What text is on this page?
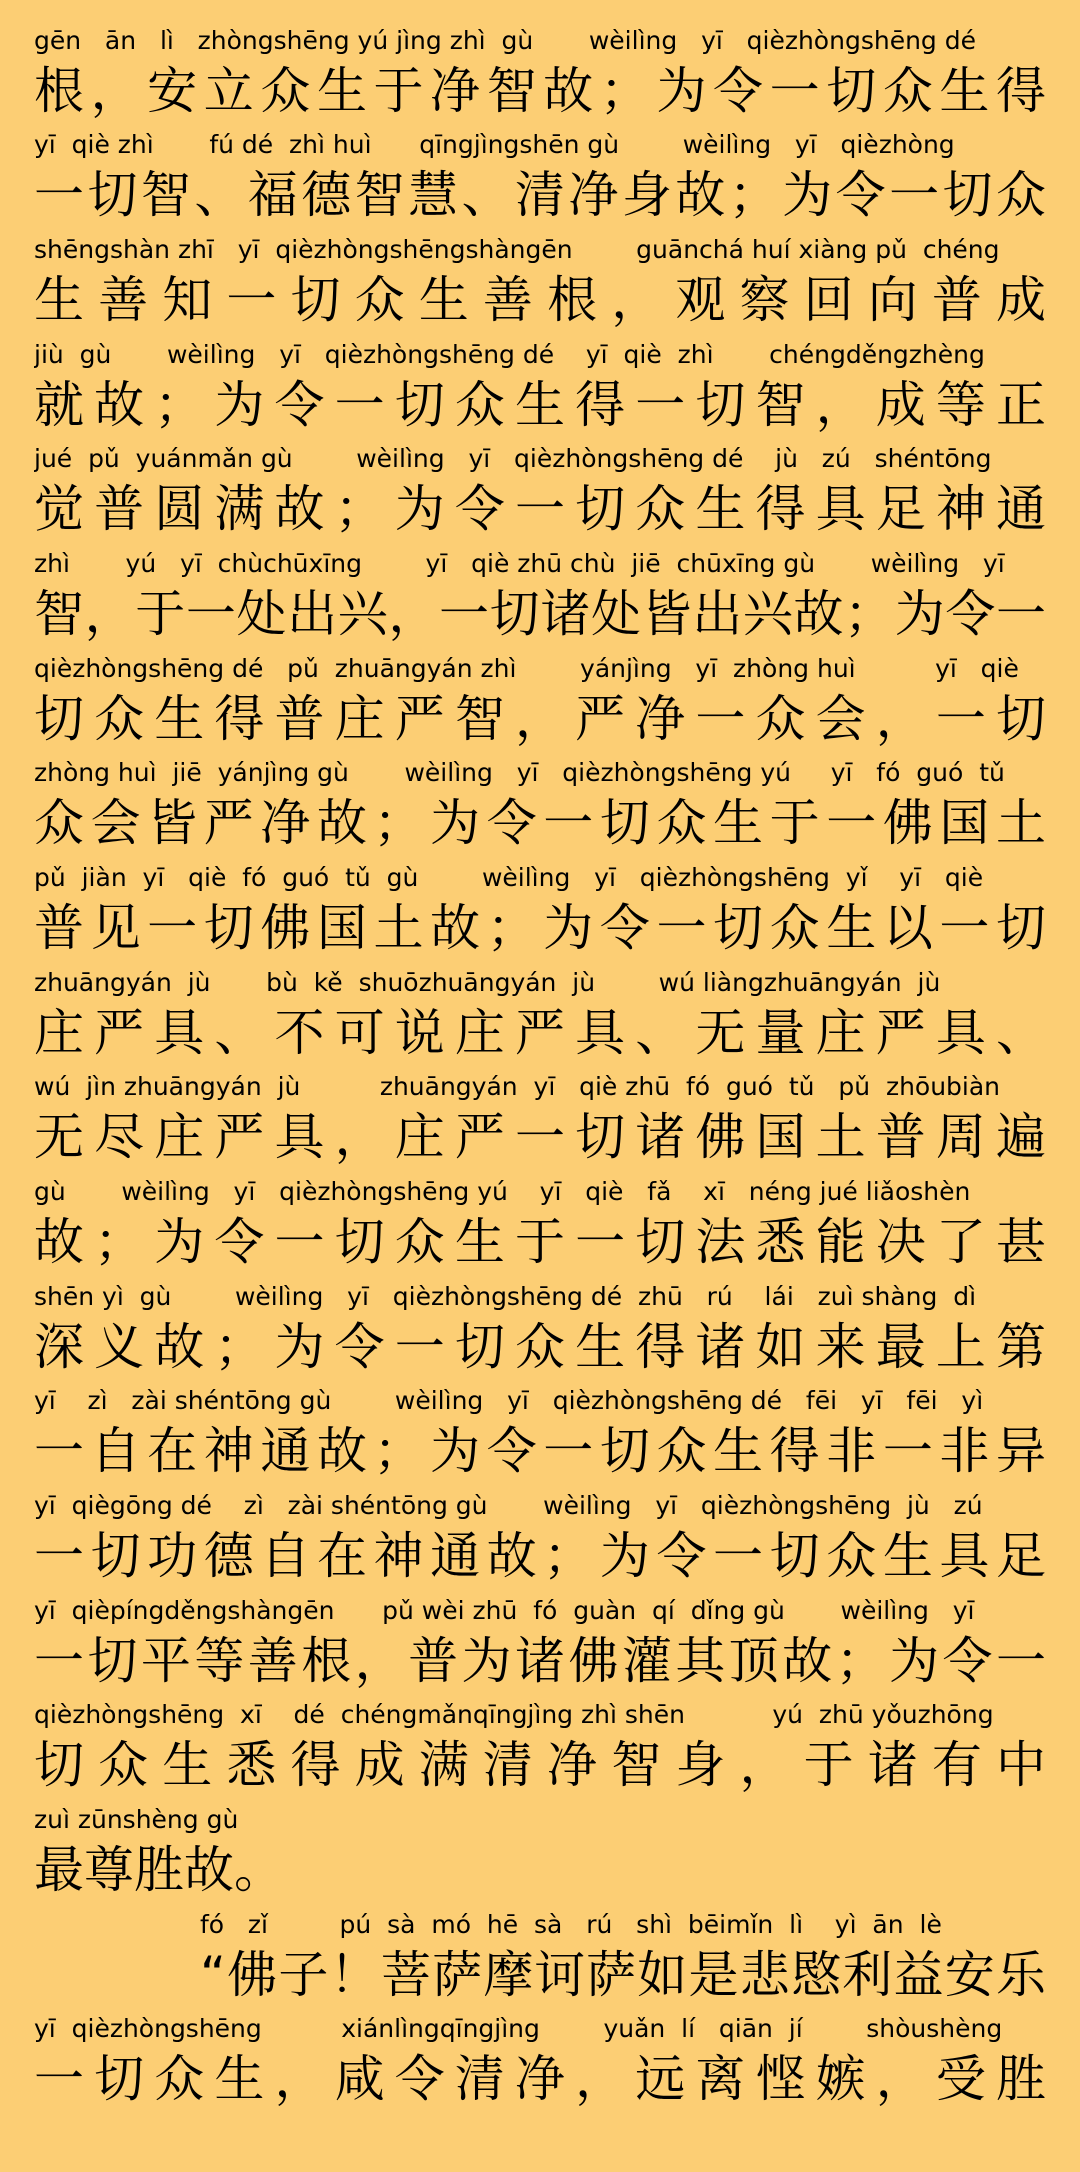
gēn   ān   lì   zhòngshēng yú jìng zhì  gù       wèilìng   yī   qièzhòngshēng dé
根，安立众生于净智故；为令一切众生得
yī  qiè zhì       fú dé  zhì huì      qīngjìngshēn gù        wèilìng   yī   qièzhòng
一切智、福德智慧、清净身故；为令一切众
shēngshàn zhī   yī  qièzhòngshēngshàngēn        guānchá huí xiàng pǔ  chéng
生善知一切众生善根，观察回向普成
jiù  gù       wèilìng   yī   qièzhòngshēng dé    yī  qiè  zhì       chéngděngzhèng
就故；为令一切众生得一切智，成等正
jué  pǔ  yuánmǎn gù        wèilìng   yī   qièzhòngshēng dé    jù   zú   shéntōng
觉普圆满故；为令一切众生得具足神通
zhì       yú   yī  chùchūxīng        yī   qiè zhū chù  jiē  chūxīng gù       wèilìng   yī
智，于一处出兴，一切诸处皆出兴故；为令一
qièzhòngshēng dé   pǔ  zhuāngyán zhì        yánjìng   yī  zhòng huì          yī   qiè
切众生得普庄严智，严净一众会，一切
zhòng huì  jiē  yánjìng gù       wèilìng   yī   qièzhòngshēng yú     yī   fó  guó  tǔ
众会皆严净故；为令一切众生于一佛国土
pǔ  jiàn  yī   qiè  fó  guó  tǔ  gù        wèilìng   yī   qièzhòngshēng  yǐ    yī   qiè
普见一切佛国土故；为令一切众生以一切
zhuāngyán  jù       bù  kě  shuōzhuāngyán  jù        wú liàngzhuāngyán  jù
庄严具、不可说庄严具、无量庄严具、
wú  jìn zhuāngyán  jù          zhuāngyán  yī   qiè zhū  fó  guó  tǔ   pǔ  zhōubiàn
无尽庄严具，庄严一切诸佛国土普周遍
gù       wèilìng   yī   qièzhòngshēng yú    yī   qiè   fǎ    xī   néng jué liǎoshèn
故；为令一切众生于一切法悉能决了甚
shēn yì  gù        wèilìng   yī   qièzhòngshēng dé  zhū   rú    lái   zuì shàng  dì
深义故；为令一切众生得诸如来最上第
yī    zì   zài shéntōng gù        wèilìng   yī   qièzhòngshēng dé   fēi   yī   fēi   yì
一自在神通故；为令一切众生得非一非异
yī  qiègōng dé    zì   zài shéntōng gù       wèilìng   yī   qièzhòngshēng  jù   zú
一切功德自在神通故；为令一切众生具足
yī  qièpíngděngshàngēn      pǔ wèi zhū  fó  guàn  qí  dǐng gù       wèilìng   yī
一切平等善根，普为诸佛灌其顶故；为令一
qièzhòngshēng  xī    dé  chéngmǎnqīngjìng zhì shēn           yú  zhū yǒuzhōng
切众生悉得成满清净智身，于诸有中
zuì zūnshèng gù
最尊胜故。
fó   zǐ         pú  sà  mó  hē  sà   rú   shì  bēimǐn  lì    yì  ān  lè
“佛子！菩萨摩诃萨如是悲愍利益安乐
yī  qièzhòngshēng          xiánlìngqīngjìng        yuǎn  lí   qiān  jí        shòushèng
一切众生，咸令清净，远离悭嫉，受胜
